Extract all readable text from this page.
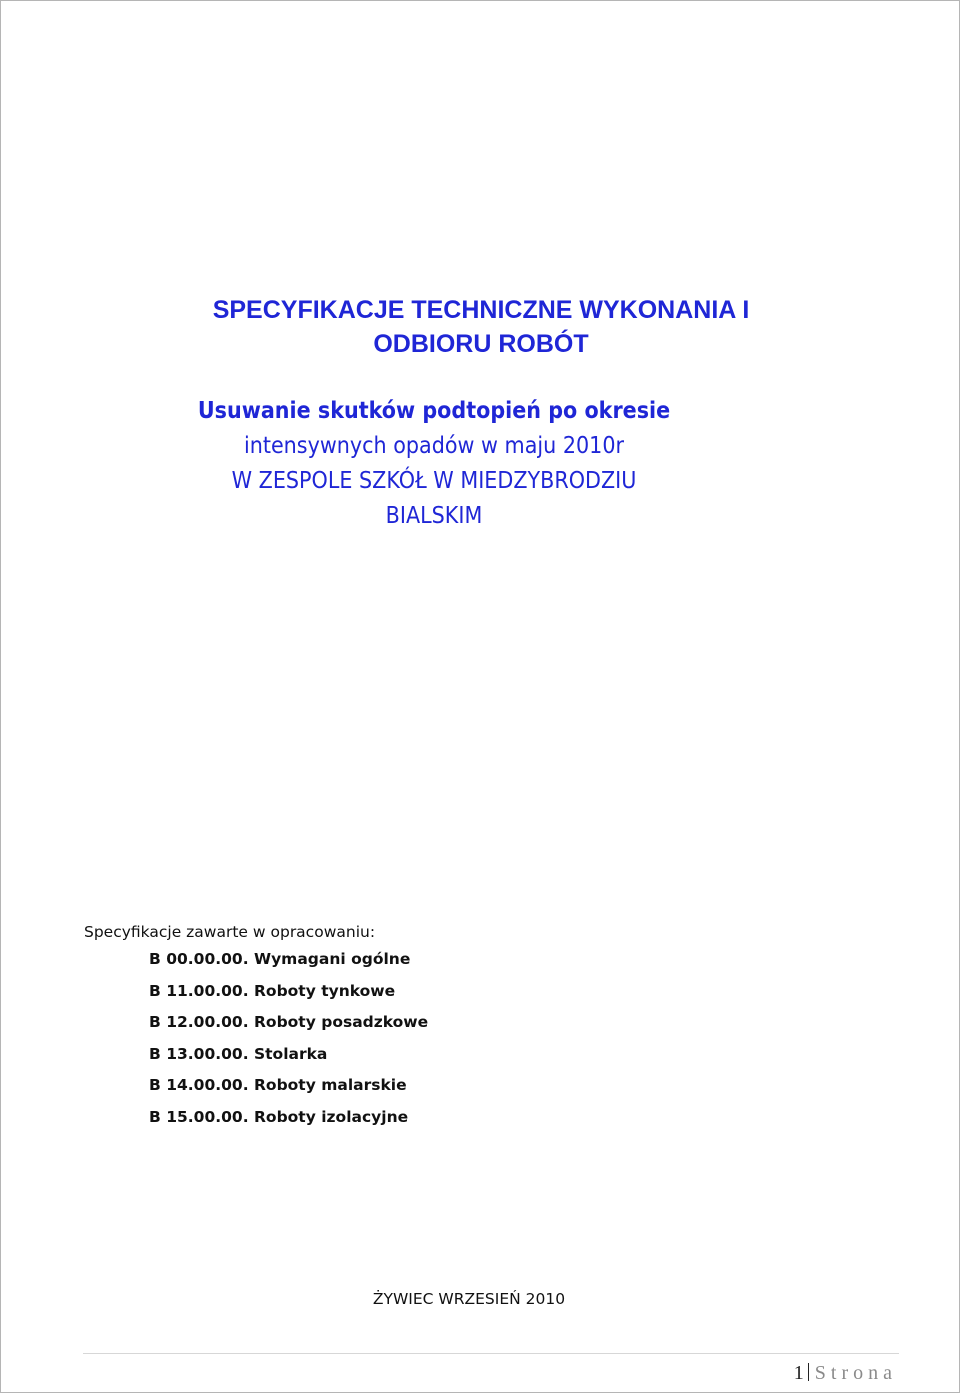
SPECYFIKACJE TECHNICZNE WYKONANIA I
ODBIORU ROBÓT
Usuwanie skutków podtopień po okresie
intensywnych opadów w maju 2010r
W ZESPOLE SZKÓŁ W MIEDZYBRODZIU
BIALSKIM
Specyfikacje zawarte w opracowaniu:
B 00.00.00. Wymagani ogólne
B 11.00.00. Roboty tynkowe
B 12.00.00. Roboty posadzkowe
B 13.00.00. Stolarka
B 14.00.00. Roboty malarskie
B 15.00.00. Roboty izolacyjne
ŻYWIEC WRZESIEŃ 2010
1 Strona
